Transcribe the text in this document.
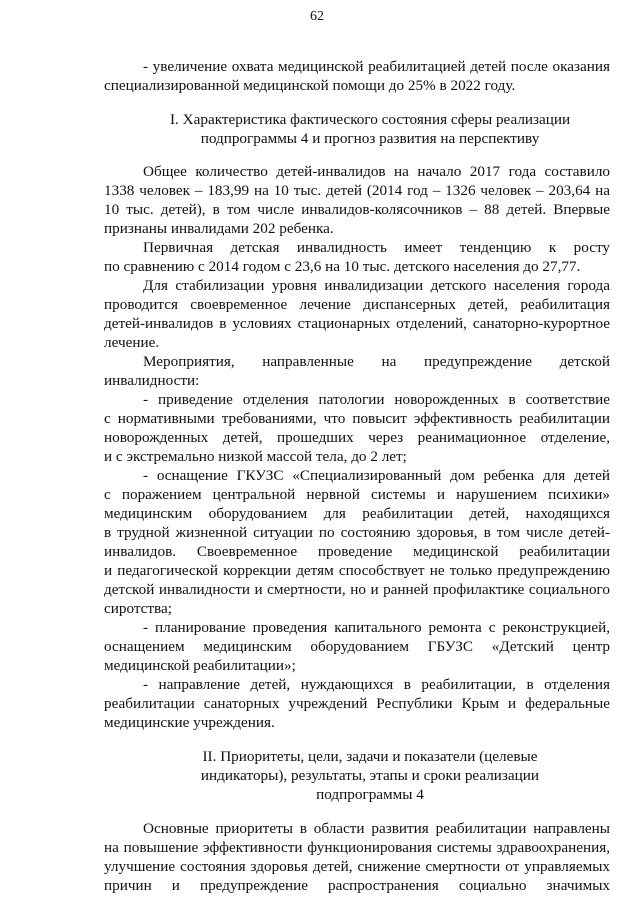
62
- увеличение охвата медицинской реабилитацией детей после оказания
специализированной медицинской помощи до 25% в 2022 году.
I. Характеристика фактического состояния сферы реализации
подпрограммы 4 и прогноз развития на перспективу
Общее количество детей-инвалидов на начало 2017 года составило
1338 человек – 183,99 на 10 тыс. детей (2014 год – 1326 человек – 203,64 на
10 тыс. детей), в том числе инвалидов-колясочников – 88 детей. Впервые
признаны инвалидами 202 ребенка.
Первичная детская инвалидность имеет тенденцию к росту
по сравнению с 2014 годом с 23,6 на 10 тыс. детского населения до 27,77.
Для стабилизации уровня инвалидизации детского населения города
проводится своевременное лечение диспансерных детей, реабилитация
детей-инвалидов в условиях стационарных отделений, санаторно-курортное
лечение.
Мероприятия, направленные на предупреждение детской
инвалидности:
- приведение отделения патологии новорожденных в соответствие
с нормативными требованиями, что повысит эффективность реабилитации
новорожденных детей, прошедших через реанимационное отделение,
и с экстремально низкой массой тела, до 2 лет;
- оснащение ГКУЗС «Специализированный дом ребенка для детей
с поражением центральной нервной системы и нарушением психики»
медицинским оборудованием для реабилитации детей, находящихся
в трудной жизненной ситуации по состоянию здоровья, в том числе детей-
инвалидов. Своевременное проведение медицинской реабилитации
и педагогической коррекции детям способствует не только предупреждению
детской инвалидности и смертности, но и ранней профилактике социального
сиротства;
- планирование проведения капитального ремонта с реконструкцией,
оснащением медицинским оборудованием ГБУЗС «Детский центр
медицинской реабилитации»;
- направление детей, нуждающихся в реабилитации, в отделения
реабилитации санаторных учреждений Республики Крым и федеральные
медицинские учреждения.
II. Приоритеты, цели, задачи и показатели (целевые
индикаторы), результаты, этапы и сроки реализации
подпрограммы 4
Основные приоритеты в области развития реабилитации направлены
на повышение эффективности функционирования системы здравоохранения,
улучшение состояния здоровья детей, снижение смертности от управляемых
причин и предупреждение распространения социально значимых
